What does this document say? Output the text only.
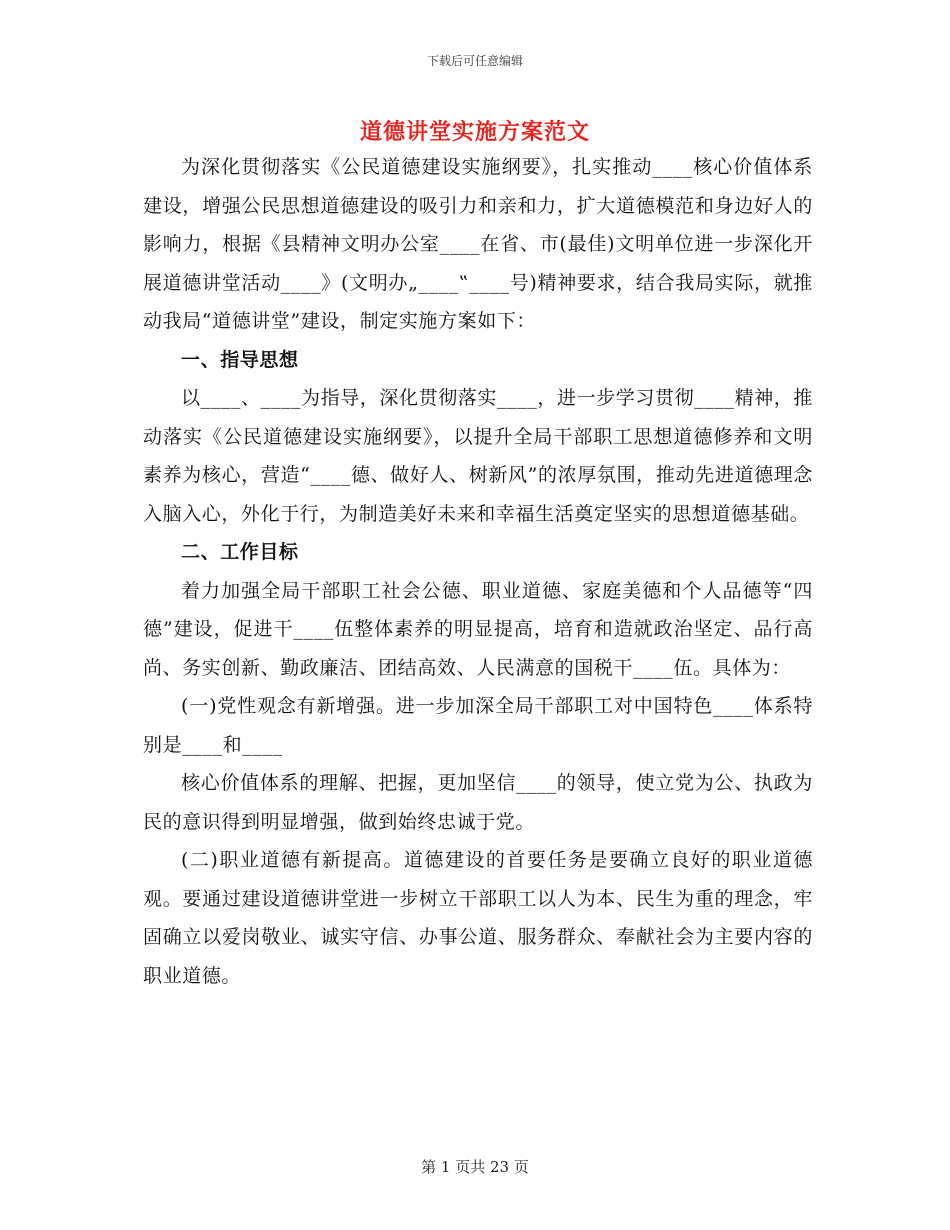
下载后可任意编辑
道德讲堂实施方案范文

为深化贯彻落实《公民道德建设实施纲要》，扎实推动____核心价值体系建设，增强公民思想道德建设的吸引力和亲和力，扩大道德模范和身边好人的影响力，根据《县精神文明办公室____在省、市(最佳)文明单位进一步深化开展道德讲堂活动____》(文明办„____‟____号)精神要求，结合我局实际，就推动我局“道德讲堂”建设，制定实施方案如下：

一、指导思想

以____、____为指导，深化贯彻落实____，进一步学习贯彻____精神，推动落实《公民道德建设实施纲要》，以提升全局干部职工思想道德修养和文明素养为核心，营造“____德、做好人、树新风”的浓厚氛围，推动先进道德理念入脑入心，外化于行，为制造美好未来和幸福生活奠定坚实的思想道德基础。

二、工作目标

着力加强全局干部职工社会公德、职业道德、家庭美德和个人品德等“四德”建设，促进干____伍整体素养的明显提高，培育和造就政治坚定、品行高尚、务实创新、勤政廉洁、团结高效、人民满意的国税干____伍。具体为：

(一)党性观念有新增强。进一步加深全局干部职工对中国特色____体系特别是____和____

核心价值体系的理解、把握，更加坚信____的领导，使立党为公、执政为民的意识得到明显增强，做到始终忠诚于党。

(二)职业道德有新提高。道德建设的首要任务是要确立良好的职业道德观。要通过建设道德讲堂进一步树立干部职工以人为本、民生为重的理念，牢固确立以爱岗敬业、诚实守信、办事公道、服务群众、奉献社会为主要内容的职业道德。

第 1 页共 23 页
